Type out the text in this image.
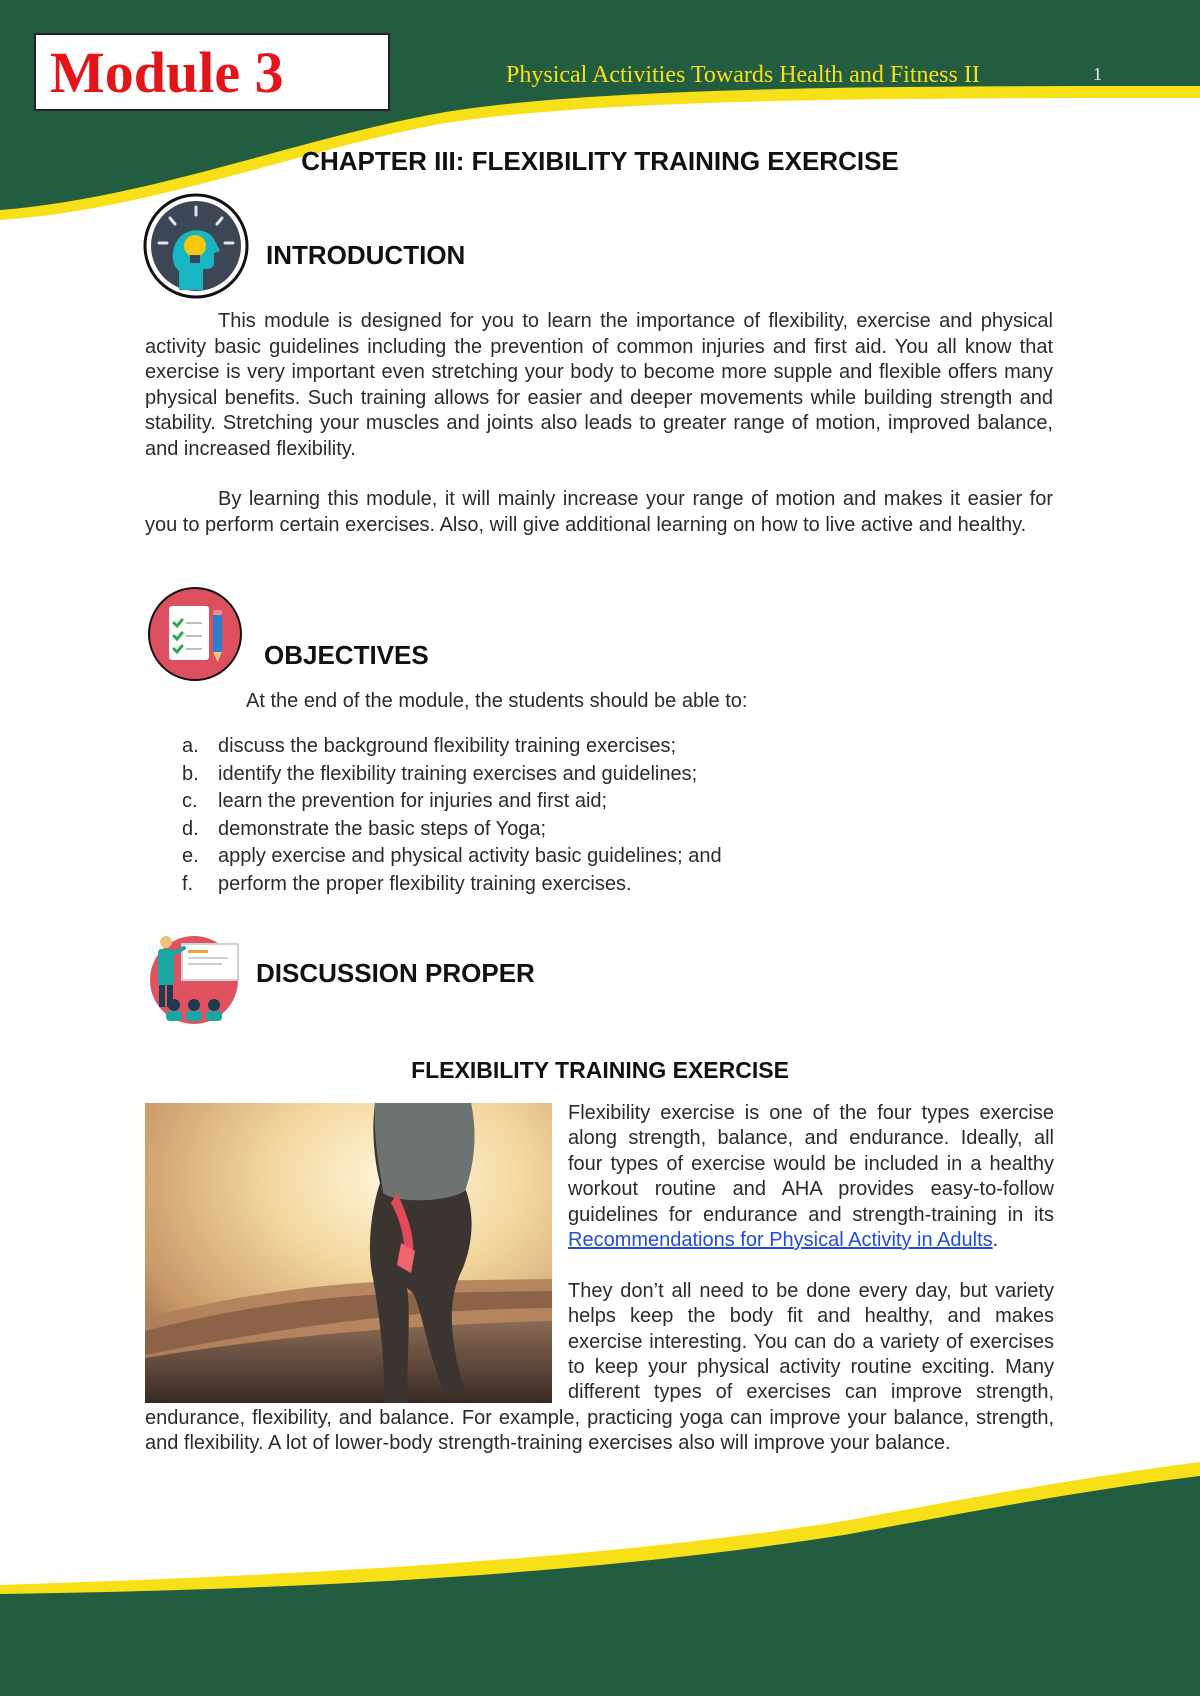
Module 3	Physical Activities Towards Health and Fitness II	1
CHAPTER III: FLEXIBILITY TRAINING EXERCISE
INTRODUCTION
This module is designed for you to learn the importance of flexibility, exercise and physical activity basic guidelines including the prevention of common injuries and first aid. You all know that exercise is very important even stretching your body to become more supple and flexible offers many physical benefits. Such training allows for easier and deeper movements while building strength and stability. Stretching your muscles and joints also leads to greater range of motion, improved balance, and increased flexibility.
By learning this module, it will mainly increase your range of motion and makes it easier for you to perform certain exercises. Also, will give additional learning on how to live active and healthy.
OBJECTIVES
At the end of the module, the students should be able to:
a. discuss the background flexibility training exercises;
b. identify the flexibility training exercises and guidelines;
c. learn the prevention for injuries and first aid;
d. demonstrate the basic steps of Yoga;
e. apply exercise and physical activity basic guidelines; and
f. perform the proper flexibility training exercises.
DISCUSSION PROPER
FLEXIBILITY TRAINING EXERCISE

Flexibility exercise is one of the four types exercise along strength, balance, and endurance. Ideally, all four types of exercise would be included in a healthy workout routine and AHA provides easy-to-follow guidelines for endurance and strength-training in its Recommendations for Physical Activity in Adults.

They don’t all need to be done every day, but variety helps keep the body fit and healthy, and makes exercise interesting. You can do a variety of exercises to keep your physical activity routine exciting. Many different types of exercises can improve strength, endurance, flexibility, and balance. For example, practicing yoga can improve your balance, strength, and flexibility. A lot of lower-body strength-training exercises also will improve your balance.
